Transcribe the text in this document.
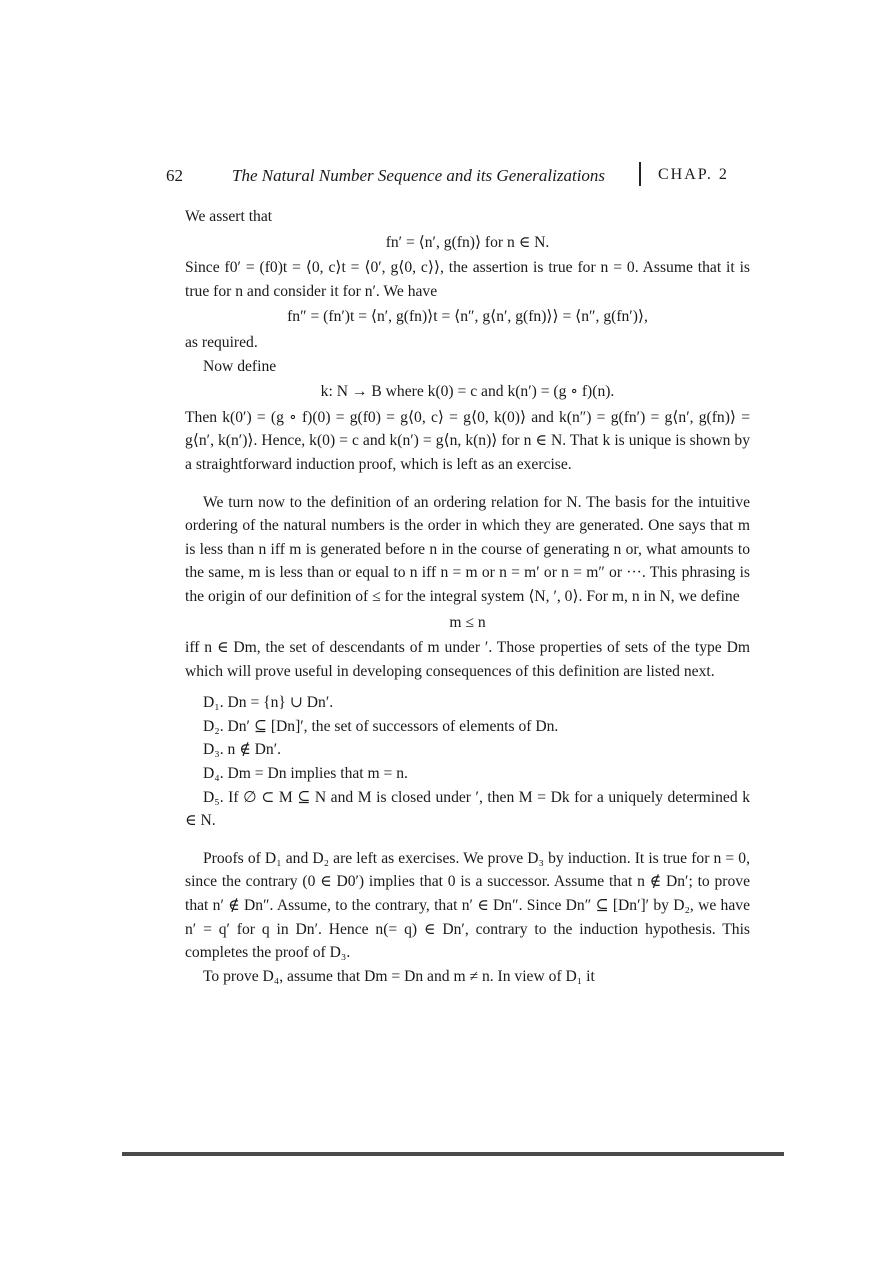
62	The Natural Number Sequence and its Generalizations	CHAP. 2

We assert that

fn′ = ⟨n′, g(fn)⟩ for n ∈ N.

Since f0′ = (f0)t = ⟨0, c⟩t = ⟨0′, g⟨0, c⟩⟩, the assertion is true for n = 0. Assume that it is true for n and consider it for n′. We have

fn″ = (fn′)t = ⟨n′, g(fn)⟩t = ⟨n″, g⟨n′, g(fn)⟩⟩ = ⟨n″, g(fn′)⟩,

as required.

Now define

k: N → B where k(0) = c and k(n′) = (g ∘ f)(n).

Then k(0′) = (g ∘ f)(0) = g(f0) = g⟨0, c⟩ = g⟨0, k(0)⟩ and k(n″) = g(fn′) = g⟨n′, g(fn)⟩ = g⟨n′, k(n′)⟩. Hence, k(0) = c and k(n′) = g⟨n, k(n)⟩ for n ∈ N. That k is unique is shown by a straightforward induction proof, which is left as an exercise.

We turn now to the definition of an ordering relation for N. The basis for the intuitive ordering of the natural numbers is the order in which they are generated. One says that m is less than n iff m is generated before n in the course of generating n or, what amounts to the same, m is less than or equal to n iff n = m or n = m′ or n = m″ or ···. This phrasing is the origin of our definition of ≤ for the integral system ⟨N, ′, 0⟩. For m, n in N, we define

m ≤ n

iff n ∈ Dm, the set of descendants of m under ′. Those properties of sets of the type Dm which will prove useful in developing consequences of this definition are listed next.

D₁. Dn = {n} ∪ Dn′.

D₂. Dn′ ⊆ [Dn]′, the set of successors of elements of Dn.

D₃. n ∉ Dn′.

D₄. Dm = Dn implies that m = n.

D₅. If ∅ ⊂ M ⊆ N and M is closed under ′, then M = Dk for a uniquely determined k ∈ N.

Proofs of D₁ and D₂ are left as exercises. We prove D₃ by induction. It is true for n = 0, since the contrary (0 ∈ D0′) implies that 0 is a successor. Assume that n ∉ Dn′; to prove that n′ ∉ Dn″. Assume, to the contrary, that n′ ∈ Dn″. Since Dn″ ⊆ [Dn′]′ by D₂, we have n′ = q′ for q in Dn′. Hence n(= q) ∈ Dn′, contrary to the induction hypothesis. This completes the proof of D₃.

To prove D₄, assume that Dm = Dn and m ≠ n. In view of D₁ it
